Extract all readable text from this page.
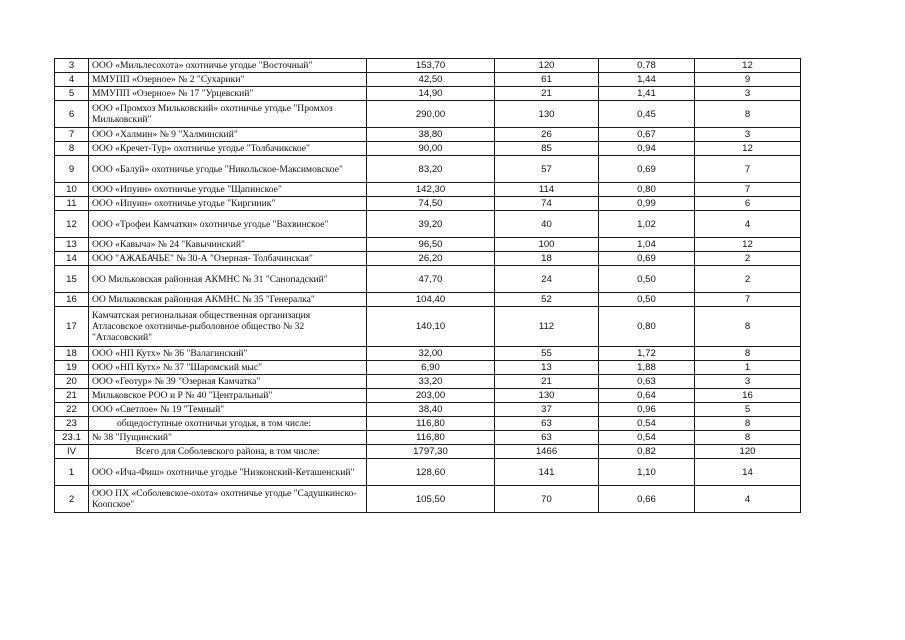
3	ООО «Мильлесохота» охотничье угодье "Восточный"	153,70	120	0,78	12
4	ММУПП «Озерное» № 2 "Сухарики"	42,50	61	1,44	9
5	ММУПП «Озерное» № 17 "Урцевский"	14,90	21	1,41	3
6	ООО «Промхоз Мильковский» охотничье угодье "Промхоз Мильковский"	290,00	130	0,45	8
7	ООО «Халмин» № 9 "Халминский"	38,80	26	0,67	3
8	ООО «Кречет-Тур» охотничье угодье "Толбачикское"	90,00	85	0,94	12
9	ООО «Балуй» охотничье угодье "Никольское-Максимовское"	83,20	57	0,69	7
10	ООО «Ипуин» охотничье угодье "Щапинское"	142,30	114	0,80	7
11	ООО «Ипуин» охотничье угодье "Киргиник"	74,50	74	0,99	6
12	ООО «Трофеи Камчатки» охотничье угодье "Вахвинское"	39,20	40	1,02	4
13	ООО «Кавыча» № 24 "Кавычинский"	96,50	100	1,04	12
14	ООО "АЖАБАЧЬЕ" № 30-А "Озерная- Толбачинская"	26,20	18	0,69	2
15	ОО Мильковская районная АКМНС № 31 "Санопадский"	47,70	24	0,50	2
16	ОО Мильковская районная АКМНС № 35 "Генералка"	104,40	52	0,50	7
17	Камчатская региональная общественная организация Атласовское охотничье-рыболовное общество № 32 "Атласовский"	140,10	112	0,80	8
18	ООО «НП Кутх» № 36 "Валагинский"	32,00	55	1,72	8
19	ООО «НП Кутх» № 37 "Шаромский мыс"	6,90	13	1,88	1
20	ООО «Геотур» № 39 "Озерная Камчатка"	33,20	21	0,63	3
21	Мильковское РОО и Р № 40 "Центральный"	203,00	130	0,64	16
22	ООО «Светлое» № 19 "Темный"	38,40	37	0,96	5
23	общедоступные охотничьи угодья, в том числе:	116,80	63	0,54	8
23.1	№ 38 "Пущинский"	116,80	63	0,54	8
IV	Всего для Соболевского района, в том числе:	1797,30	1466	0,82	120
1	ООО «Ича-Фиш» охотничье угодье "Низконский-Кеташенский"	128,60	141	1,10	14
2	ООО ПХ «Соболевское-охота» охотничье угодье "Садушкинско-Коопское"	105,50	70	0,66	4
